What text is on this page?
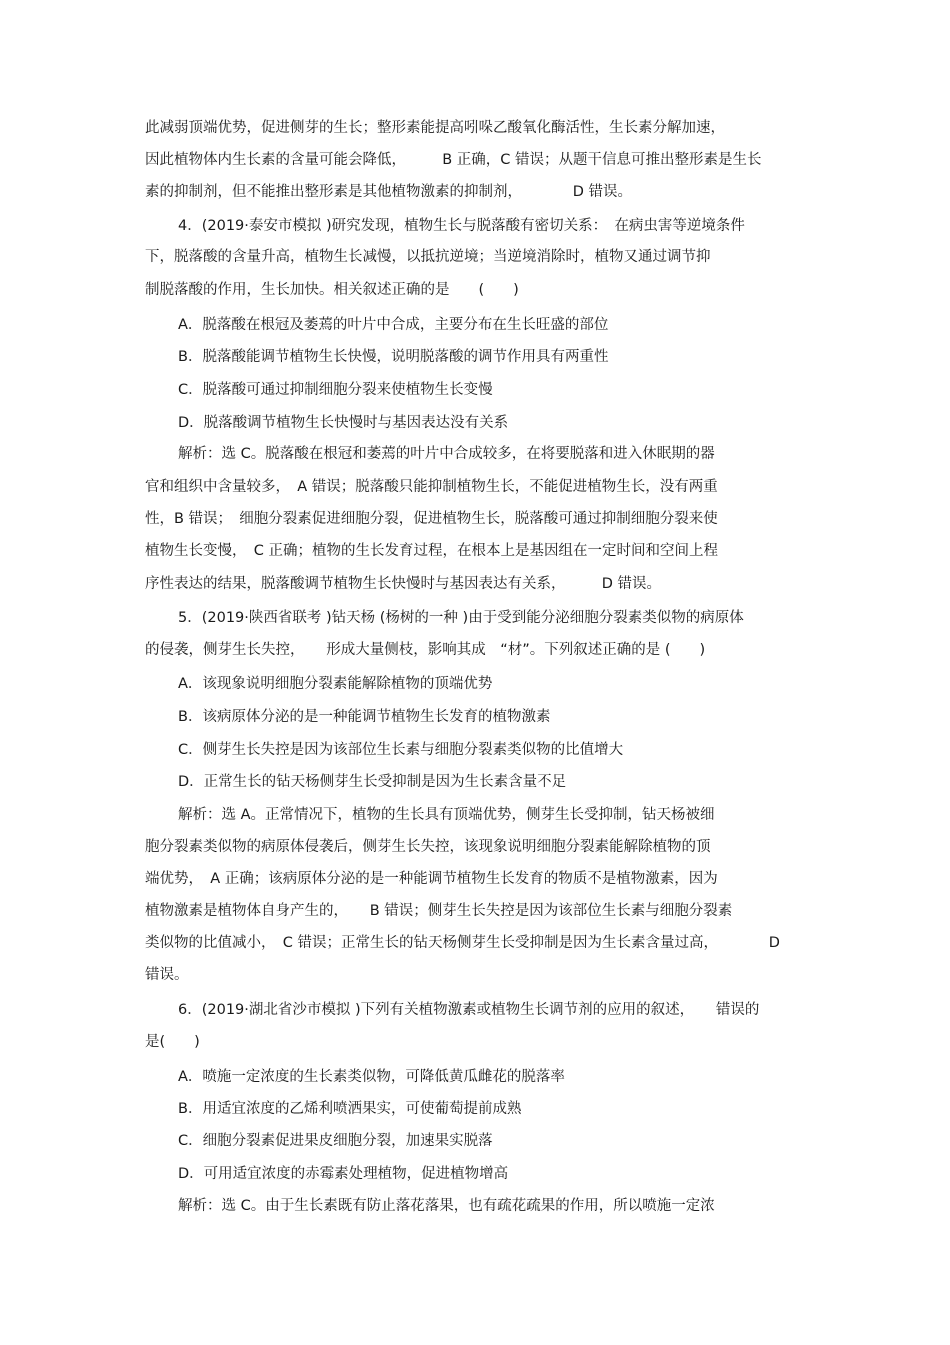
此减弱顶端优势，促进侧芽的生长；整形素能提高吲哚乙酸氧化酶活性，生长素分解加速，
因此植物体内生长素的含量可能会降低，　　　B 正确，C 错误；从题干信息可推出整形素是生长
素的抑制剂，但不能推出整形素是其他植物激素的抑制剂，　　　　D 错误。
4．(2019·泰安市模拟 )研究发现，植物生长与脱落酸有密切关系：　在病虫害等逆境条件
下，脱落酸的含量升高，植物生长减慢，以抵抗逆境；当逆境消除时，植物又通过调节抑
制脱落酸的作用，生长加快。相关叙述正确的是　　(　　)
A．脱落酸在根冠及萎蔫的叶片中合成，主要分布在生长旺盛的部位
B．脱落酸能调节植物生长快慢，说明脱落酸的调节作用具有两重性
C．脱落酸可通过抑制细胞分裂来使植物生长变慢
D．脱落酸调节植物生长快慢时与基因表达没有关系
解析：选 C。脱落酸在根冠和萎蔫的叶片中合成较多，在将要脱落和进入休眠期的器
官和组织中含量较多，　A 错误；脱落酸只能抑制植物生长，不能促进植物生长，没有两重
性，B 错误；　细胞分裂素促进细胞分裂，促进植物生长，脱落酸可通过抑制细胞分裂来使
植物生长变慢，　C 正确；植物的生长发育过程，在根本上是基因组在一定时间和空间上程
序性表达的结果，脱落酸调节植物生长快慢时与基因表达有关系，　　　D 错误。
5．(2019·陕西省联考 )钻天杨 (杨树的一种 )由于受到能分泌细胞分裂素类似物的病原体
的侵袭，侧芽生长失控，　　形成大量侧枝，影响其成　“材”。下列叙述正确的是 (　　)
A．该现象说明细胞分裂素能解除植物的顶端优势
B．该病原体分泌的是一种能调节植物生长发育的植物激素
C．侧芽生长失控是因为该部位生长素与细胞分裂素类似物的比值增大
D．正常生长的钻天杨侧芽生长受抑制是因为生长素含量不足
解析：选 A。正常情况下，植物的生长具有顶端优势，侧芽生长受抑制，钻天杨被细
胞分裂素类似物的病原体侵袭后，侧芽生长失控，该现象说明细胞分裂素能解除植物的顶
端优势，　A 正确；该病原体分泌的是一种能调节植物生长发育的物质不是植物激素，因为
植物激素是植物体自身产生的，　　B 错误；侧芽生长失控是因为该部位生长素与细胞分裂素
类似物的比值减小，　C 错误；正常生长的钻天杨侧芽生长受抑制是因为生长素含量过高，　　　　D
错误。
6．(2019·湖北省沙市模拟 )下列有关植物激素或植物生长调节剂的应用的叙述，　　错误的
是(　　)
A．喷施一定浓度的生长素类似物，可降低黄瓜雌花的脱落率
B．用适宜浓度的乙烯利喷洒果实，可使葡萄提前成熟
C．细胞分裂素促进果皮细胞分裂，加速果实脱落
D．可用适宜浓度的赤霉素处理植物，促进植物增高
解析：选 C。由于生长素既有防止落花落果，也有疏花疏果的作用，所以喷施一定浓
